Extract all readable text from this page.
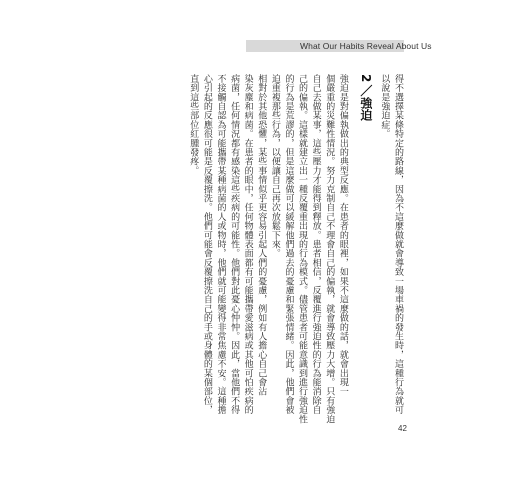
What Our Habits Reveal About Us
得不選擇某條特定的路線，因為不這麼做就會導致一場車禍的發生時，這種行為就可
以說是強迫症。
2／強迫
強迫是對偏執做出的典型反應。在患者的眼裡，如果不這麼做的話，就會出現一
個嚴重的災難性情況。努力克制自己不理會自己的偏執，就會導致壓力大增。只有強迫
自己去做某事，這些壓力才能得到釋放。患者相信，反覆進行強迫性的行為能消除自
己的偏執。這樣就建立出一種反覆重出現的行為模式。儘管患者可能意識到進行強迫性
的行為是荒謬的，但是這麼做可以緩解他們過去的憂慮和緊張情緒。因此，他們會被
迫重複那些行為，以便讓自己再次放鬆下來。
相對於其他恐懼，某些事情似乎更容易引起人們的憂慮，例如有人擔心自己會沾
染灰塵和病菌。在患者的眼中，任何物體表面都有可能攜帶愛滋病或其他可怕疾病的
病菌，任何情況都有感染這些疾病的可能性。他們對此憂心忡忡。因此，當他們不得
不接觸自認為可能攜帶某種病菌的人或物時，他們就可能變得非常焦慮不安。這種擔
心引起的反應很可能是反覆擦洗。他們可能會反覆擦洗自己的手或身體的某個部位，
直到這些部位紅腫發疼。
42
